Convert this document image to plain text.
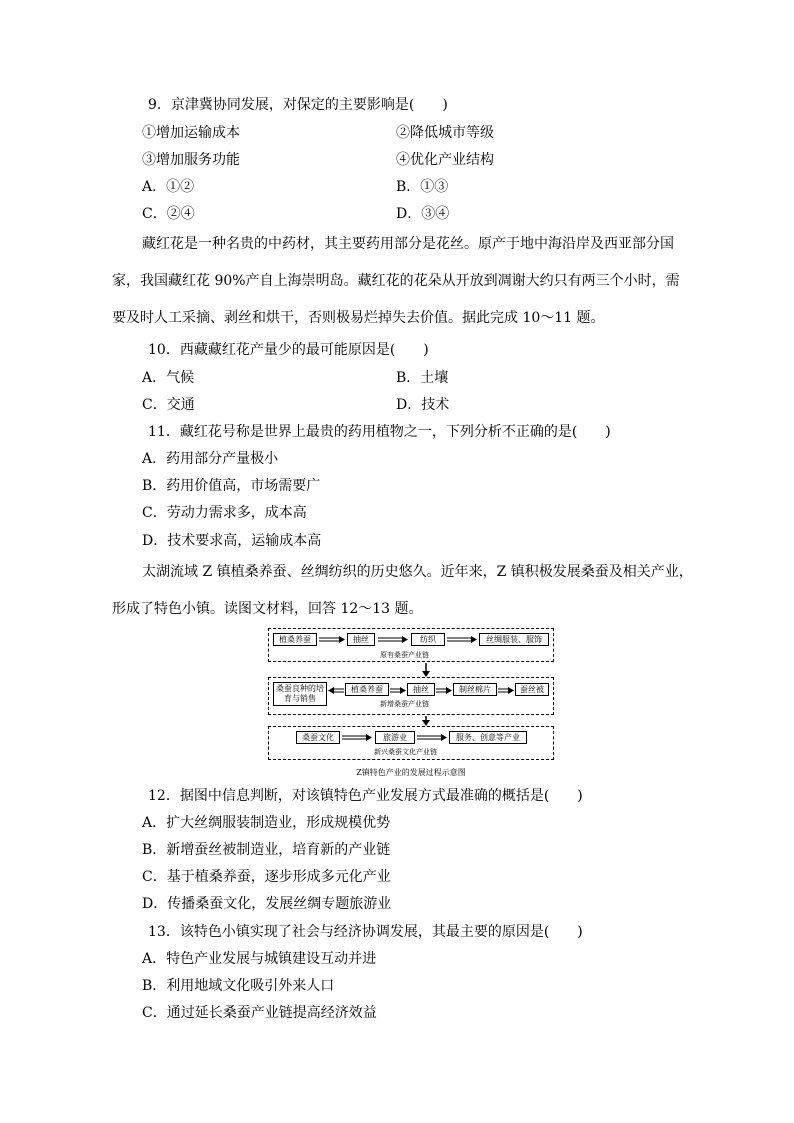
9．京津冀协同发展，对保定的主要影响是(　　)
①增加运输成本	②降低城市等级
③增加服务功能	④优化产业结构
A．①②	B．①③
C．②④	D．③④
藏红花是一种名贵的中药材，其主要药用部分是花丝。原产于地中海沿岸及西亚部分国
家，我国藏红花 90%产自上海崇明岛。藏红花的花朵从开放到凋谢大约只有两三个小时，需
要及时人工采摘、剥丝和烘干，否则极易烂掉失去价值。据此完成 10～11 题。
10．西藏藏红花产量少的最可能原因是(　　)
A．气候	B．土壤
C．交通	D．技术
11．藏红花号称是世界上最贵的药用植物之一，下列分析不正确的是(　　)
A．药用部分产量极小
B．药用价值高，市场需要广
C．劳动力需求多，成本高
D．技术要求高，运输成本高
太湖流域 Z 镇植桑养蚕、丝绸纺织的历史悠久。近年来，Z 镇积极发展桑蚕及相关产业，
形成了特色小镇。读图文材料，回答 12～13 题。
植桑养蚕	抽丝	纺织	丝绸服装、服饰
原有桑蚕产业链
桑蚕良种的培育与销售
植桑养蚕	抽丝	制丝棉片	蚕丝被
新增桑蚕产业链
桑蚕文化	旅游业	服务、创意等产业
新兴桑蚕文化产业链
Z镇特色产业的发展过程示意图
12．据图中信息判断，对该镇特色产业发展方式最准确的概括是(　　)
A．扩大丝绸服装制造业，形成规模优势
B．新增蚕丝被制造业，培育新的产业链
C．基于植桑养蚕，逐步形成多元化产业
D．传播桑蚕文化，发展丝绸专题旅游业
13．该特色小镇实现了社会与经济协调发展，其最主要的原因是(　　)
A．特色产业发展与城镇建设互动并进
B．利用地域文化吸引外来人口
C．通过延长桑蚕产业链提高经济效益
